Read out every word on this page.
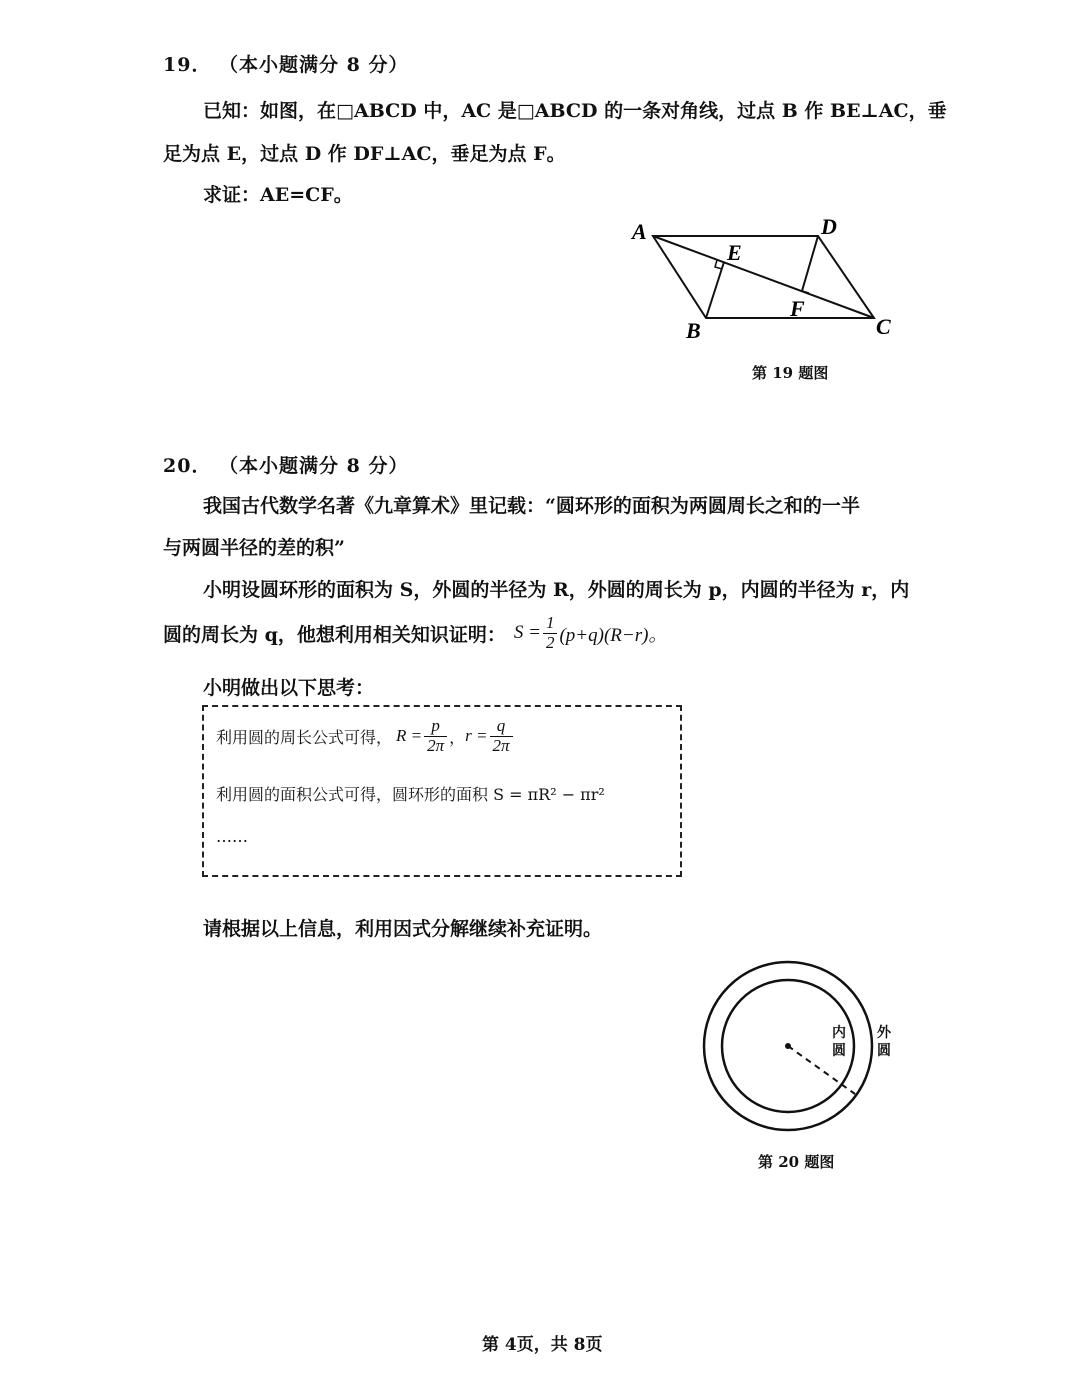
19． （本小题满分 8 分）
已知：如图，在□ABCD 中，AC 是□ABCD 的一条对角线，过点 B 作 BE⊥AC，垂
足为点 E，过点 D 作 DF⊥AC，垂足为点 F。
求证：AE=CF。
A	D
E
F
B	C
第 19 题图
20． （本小题满分 8 分）
我国古代数学名著《九章算术》里记载：“圆环形的面积为两圆周长之和的一半
与两圆半径的差的积”
小明设圆环形的面积为 S，外圆的半径为 R，外圆的周长为 p，内圆的半径为 r，内
圆的周长为 q，他想利用相关知识证明： $S = \frac{1}{2} (p+q)(R-r)$。
小明做出以下思考：
利用圆的周长公式可得， $R = \frac{p}{2\pi}$ ， $r = \frac{q}{2\pi}$
利用圆的面积公式可得，圆环形的面积 S = πR² − πr²
……
请根据以上信息，利用因式分解继续补充证明。
内圆
外圆
第 20 题图
第 4页，共 8页
